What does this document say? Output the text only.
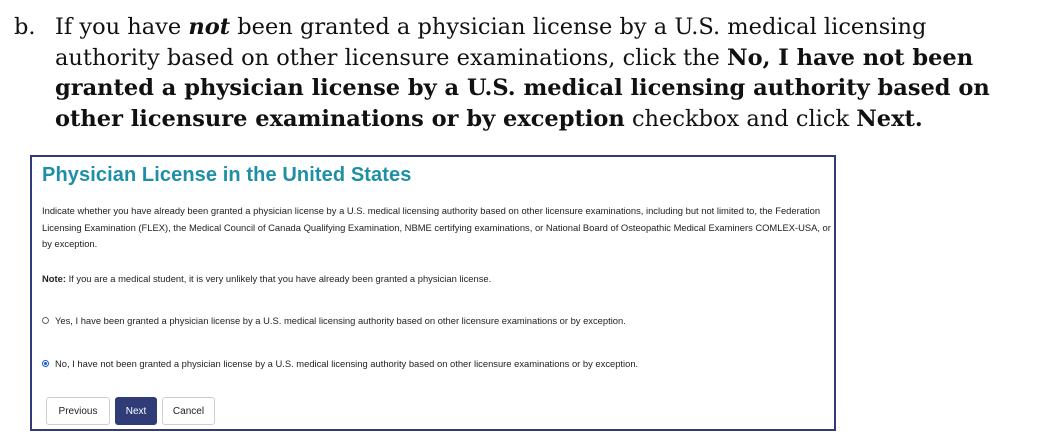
b. If you have not been granted a physician license by a U.S. medical licensing authority based on other licensure examinations, click the No, I have not been granted a physician license by a U.S. medical licensing authority based on other licensure examinations or by exception checkbox and click Next.
Physician License in the United States
Indicate whether you have already been granted a physician license by a U.S. medical licensing authority based on other licensure examinations, including but not limited to, the Federation Licensing Examination (FLEX), the Medical Council of Canada Qualifying Examination, NBME certifying examinations, or National Board of Osteopathic Medical Examiners COMLEX-USA, or by exception.
Note: If you are a medical student, it is very unlikely that you have already been granted a physician license.
Yes, I have been granted a physician license by a U.S. medical licensing authority based on other licensure examinations or by exception.
No, I have not been granted a physician license by a U.S. medical licensing authority based on other licensure examinations or by exception.
Previous	Next	Cancel
